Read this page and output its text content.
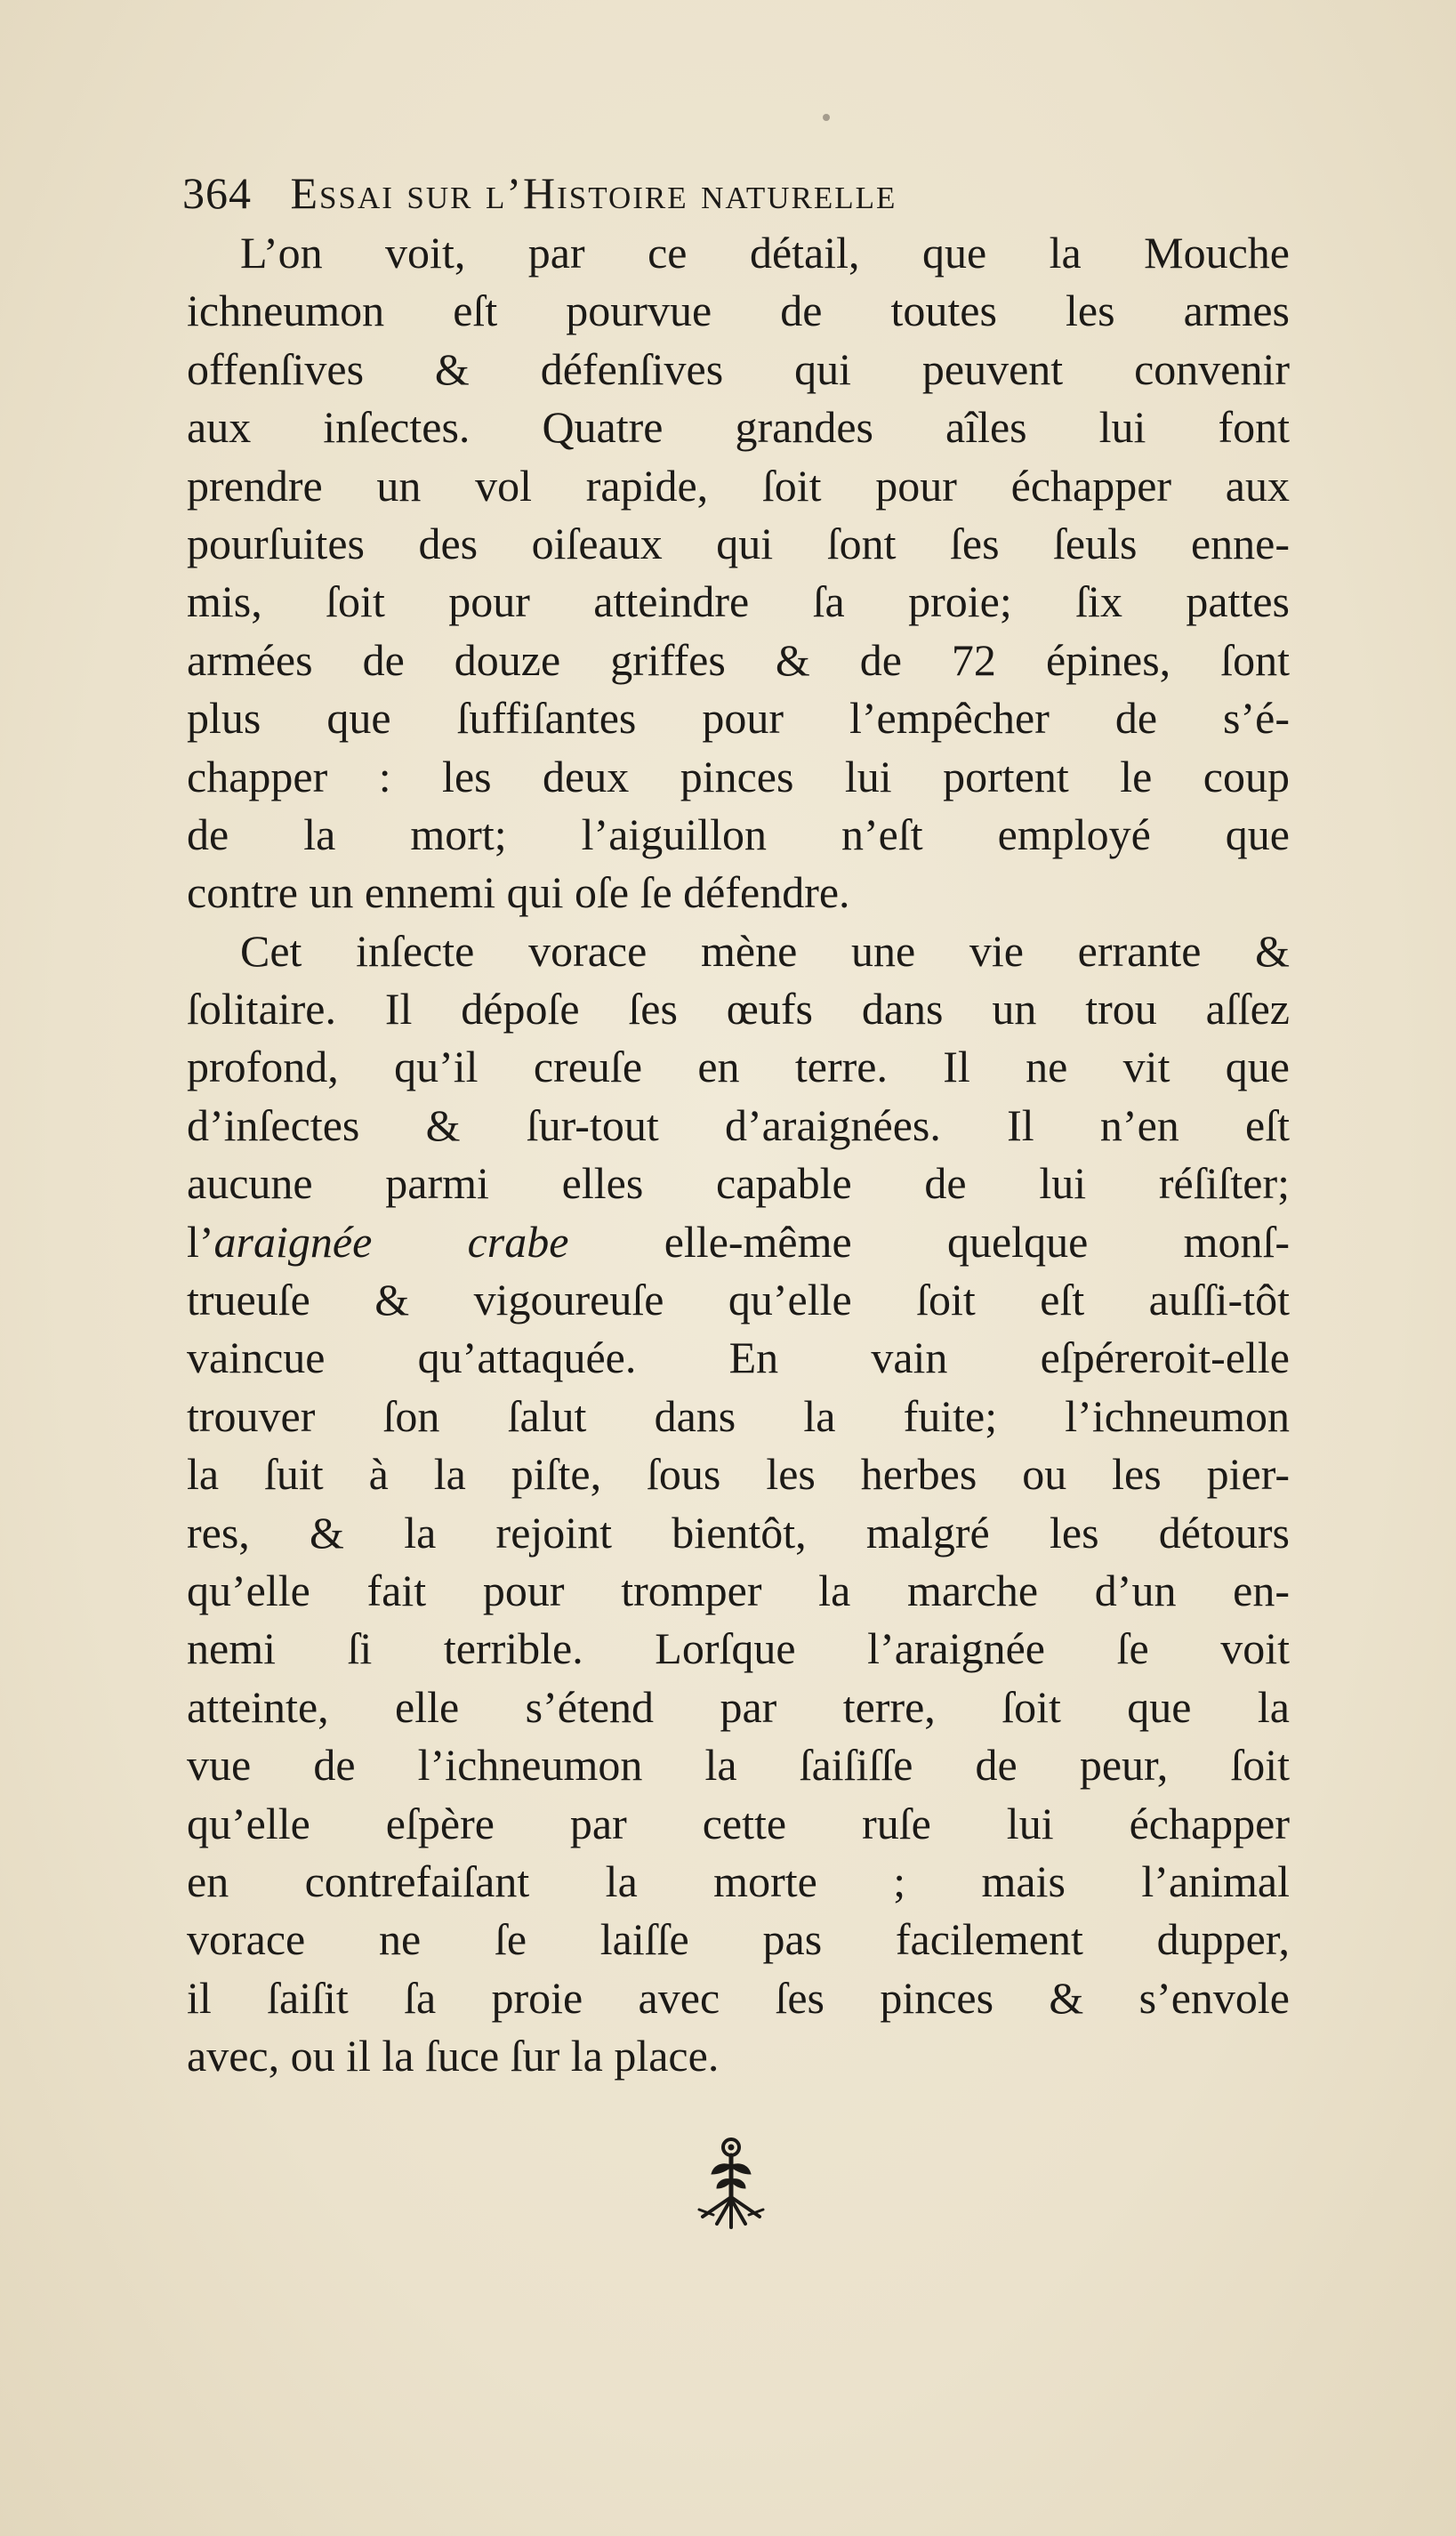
364 Essai sur l’Histoire naturelle
L’on voit, par ce détail, que la Mouche
ichneumon eſt pourvue de toutes les armes
offenſives & défenſives qui peuvent convenir
aux inſectes. Quatre grandes aîles lui font
prendre un vol rapide, ſoit pour échapper aux
pourſuites des oiſeaux qui ſont ſes ſeuls enne-
mis, ſoit pour atteindre ſa proie; ſix pattes
armées de douze griffes & de 72 épines, ſont
plus que ſuffiſantes pour l’empêcher de s’é-
chapper : les deux pinces lui portent le coup
de la mort; l’aiguillon n’eſt employé que
contre un ennemi qui oſe ſe défendre.
Cet inſecte vorace mène une vie errante &
ſolitaire. Il dépoſe ſes œufs dans un trou aſſez
profond, qu’il creuſe en terre. Il ne vit que
d’inſectes & ſur-tout d’araignées. Il n’en eſt
aucune parmi elles capable de lui réſiſter;
l’araignée crabe elle-même quelque monſ-
trueuſe & vigoureuſe qu’elle ſoit eſt auſſi-tôt
vaincue qu’attaquée. En vain eſpéreroit-elle
trouver ſon ſalut dans la fuite; l’ichneumon
la ſuit à la piſte, ſous les herbes ou les pier-
res, & la rejoint bientôt, malgré les détours
qu’elle fait pour tromper la marche d’un en-
nemi ſi terrible. Lorſque l’araignée ſe voit
atteinte, elle s’étend par terre, ſoit que la
vue de l’ichneumon la ſaiſiſſe de peur, ſoit
qu’elle eſpère par cette ruſe lui échapper
en contrefaiſant la morte ; mais l’animal
vorace ne ſe laiſſe pas facilement dupper,
il ſaiſit ſa proie avec ſes pinces & s’envole
avec, ou il la ſuce ſur la place.
